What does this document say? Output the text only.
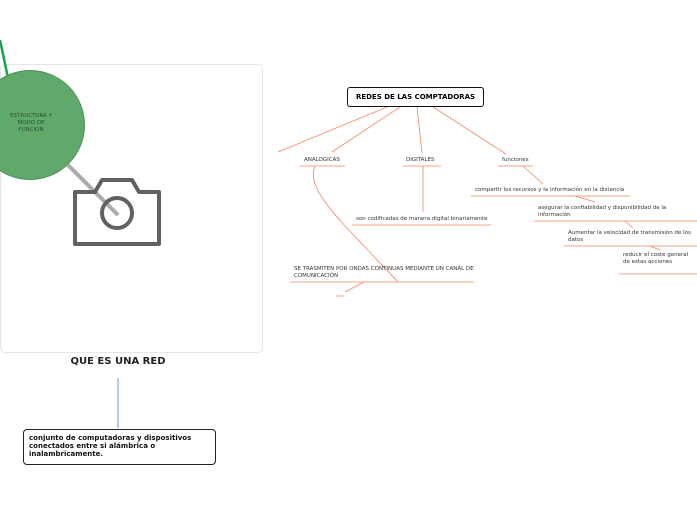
ESTRUCTURA Y MODO DE FUNCION
QUE ES UNA RED
conjunto de computadoras y dispositivos conectados entre si alámbrica o inalambricamente.
REDES DE LAS COMPTADORAS
ANALOGICAS	DIGITALES	funciones
son codificadas de manera digital binariamente
SE TRASMITEN POR ONDAS CONTINUAS MEDIANTE UN CANAL DE COMUNICACIÓN
compartir los recursos y la información en la distancia
asegurar la confiabilidad y disponibilidad de la información
Aumentar la velocidad de transmisión de los datos
reducir el coste general de estas acciones
